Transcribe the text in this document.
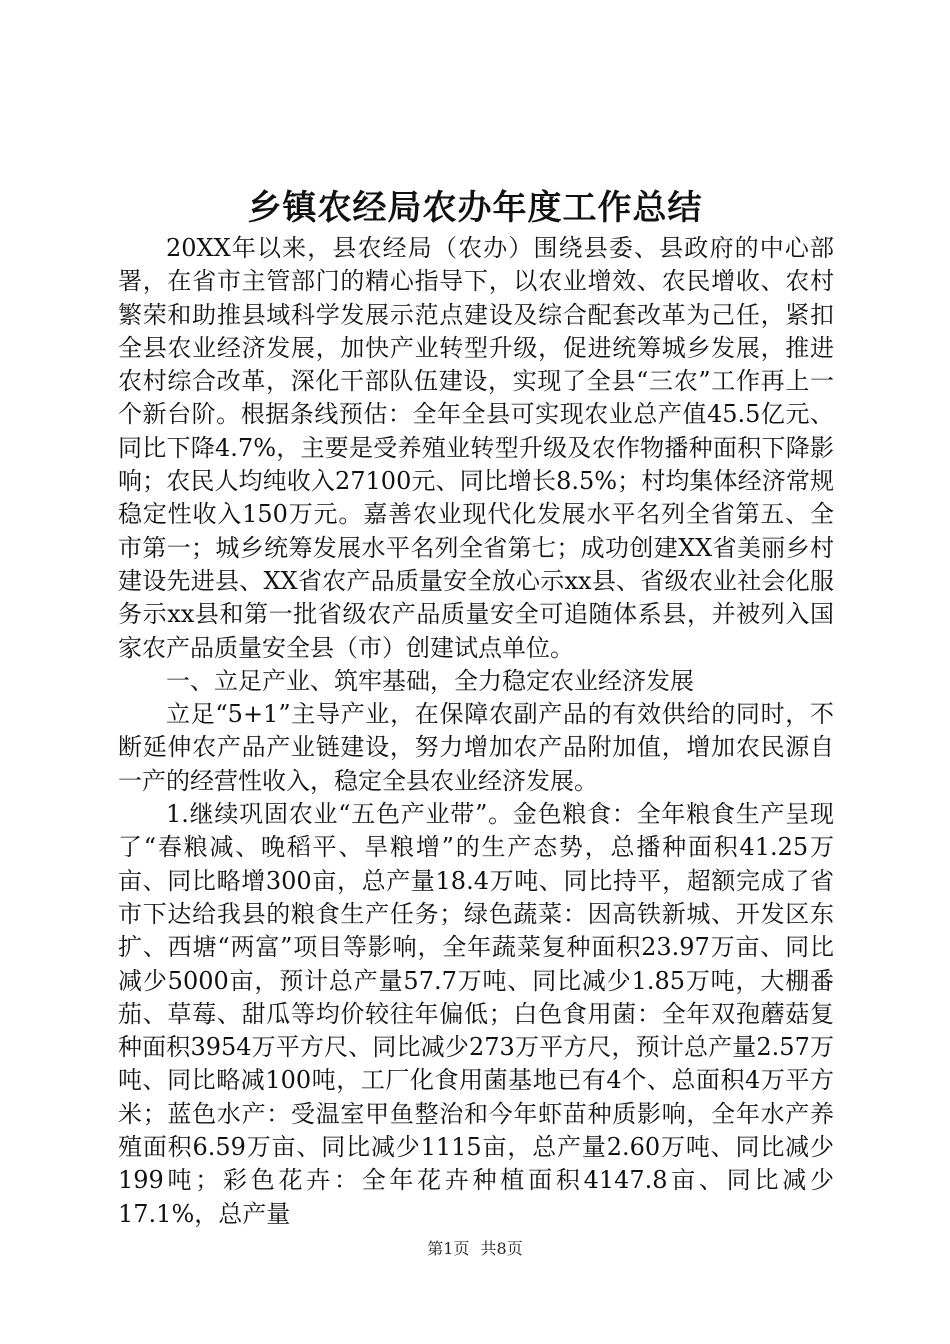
乡镇农经局农办年度工作总结

20XX年以来，县农经局（农办）围绕县委、县政府的中心部署，在省市主管部门的精心指导下，以农业增效、农民增收、农村繁荣和助推县域科学发展示范点建设及综合配套改革为己任，紧扣全县农业经济发展，加快产业转型升级，促进统筹城乡发展，推进农村综合改革，深化干部队伍建设，实现了全县“三农”工作再上一个新台阶。根据条线预估：全年全县可实现农业总产值45.5亿元、同比下降4.7%，主要是受养殖业转型升级及农作物播种面积下降影响；农民人均纯收入27100元、同比增长8.5%；村均集体经济常规稳定性收入150万元。嘉善农业现代化发展水平名列全省第五、全市第一；城乡统筹发展水平名列全省第七；成功创建XX省美丽乡村建设先进县、XX省农产品质量安全放心示xx县、省级农业社会化服务示xx县和第一批省级农产品质量安全可追随体系县，并被列入国家农产品质量安全县（市）创建试点单位。

一、立足产业、筑牢基础，全力稳定农业经济发展

立足“5+1”主导产业，在保障农副产品的有效供给的同时，不断延伸农产品产业链建设，努力增加农产品附加值，增加农民源自一产的经营性收入，稳定全县农业经济发展。

1.继续巩固农业“五色产业带”。金色粮食：全年粮食生产呈现了“春粮减、晚稻平、旱粮增”的生产态势，总播种面积41.25万亩、同比略增300亩，总产量18.4万吨、同比持平，超额完成了省市下达给我县的粮食生产任务；绿色蔬菜：因高铁新城、开发区东扩、西塘“两富”项目等影响，全年蔬菜复种面积23.97万亩、同比减少5000亩，预计总产量57.7万吨、同比减少1.85万吨，大棚番茄、草莓、甜瓜等均价较往年偏低；白色食用菌：全年双孢蘑菇复种面积3954万平方尺、同比减少273万平方尺，预计总产量2.57万吨、同比略减100吨，工厂化食用菌基地已有4个、总面积4万平方米；蓝色水产：受温室甲鱼整治和今年虾苗种质影响，全年水产养殖面积6.59万亩、同比减少1115亩，总产量2.60万吨、同比减少199吨；彩色花卉：全年花卉种植面积4147.8亩、同比减少17.1%，总产量

第1页 共8页
